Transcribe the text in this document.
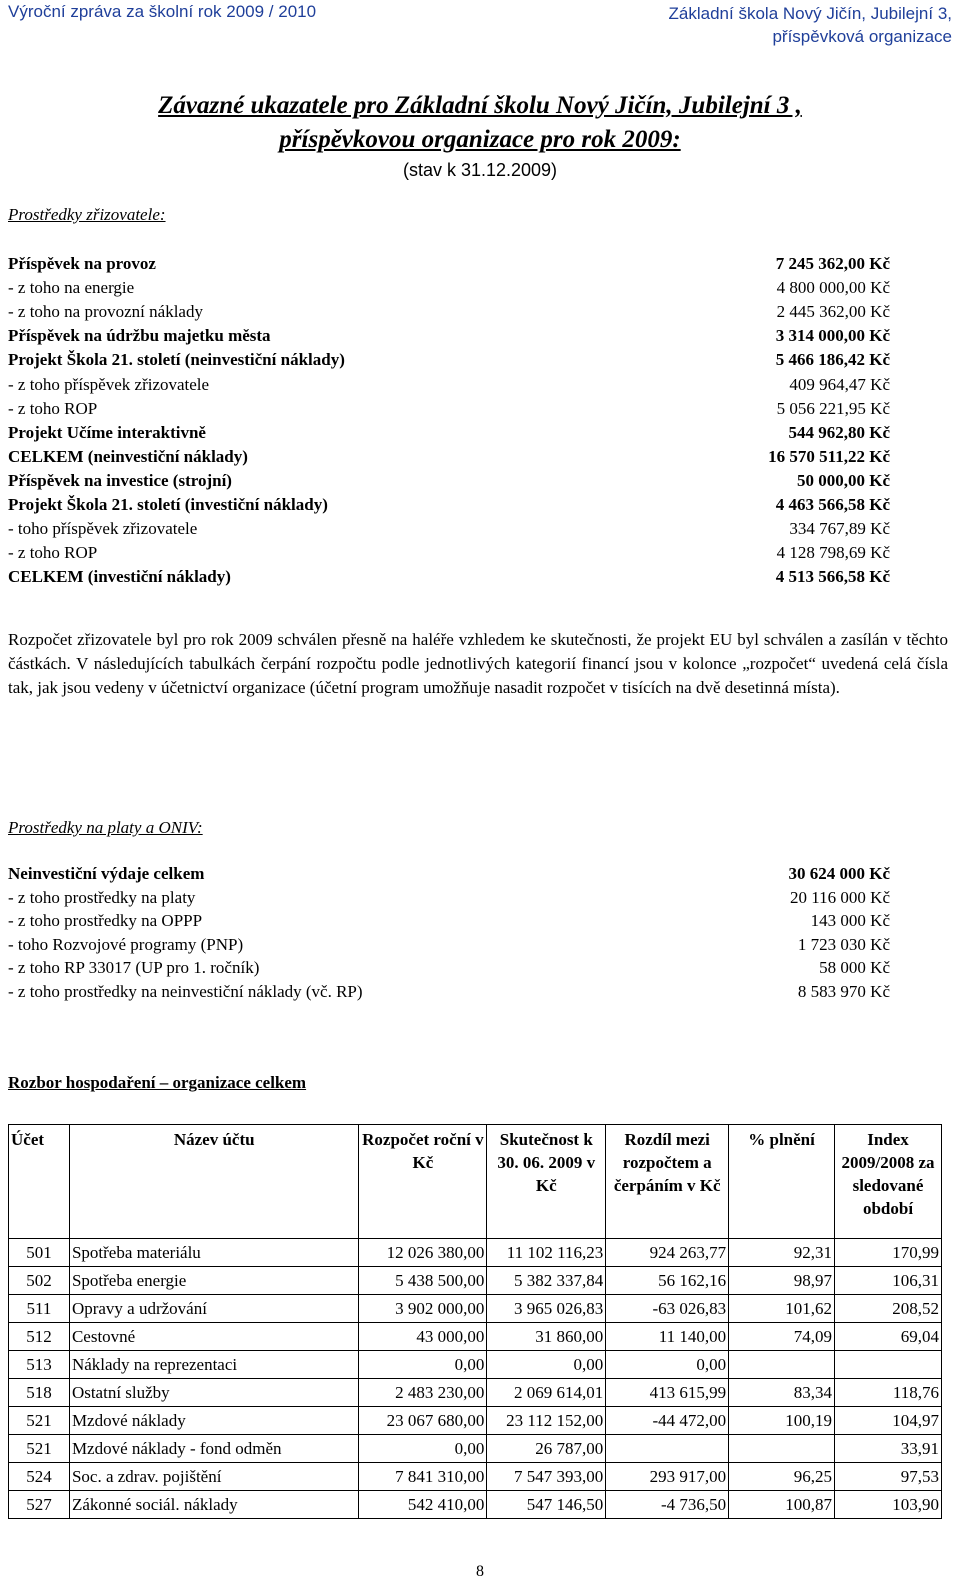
Výroční zpráva za školní rok 2009 / 2010	Základní škola Nový Jičín, Jubilejní 3,
příspěvková organizace
Závazné ukazatele pro Základní školu Nový Jičín, Jubilejní 3 ,
příspěvkovou organizace pro rok 2009:
(stav k 31.12.2009)
Prostředky zřizovatele:
Příspěvek na provoz	7 245 362,00 Kč
- z toho na energie	4 800 000,00 Kč
- z toho na provozní náklady	2 445 362,00 Kč
Příspěvek na údržbu majetku města	3 314 000,00 Kč
Projekt Škola 21. století (neinvestiční náklady)	5 466 186,42 Kč
- z toho příspěvek zřizovatele	409 964,47 Kč
- z toho ROP	5 056 221,95 Kč
Projekt Učíme interaktivně	544 962,80 Kč
CELKEM (neinvestiční náklady)	16 570 511,22 Kč
Příspěvek na investice (strojní)	50 000,00 Kč
Projekt Škola 21. století (investiční náklady)	4 463 566,58 Kč
- toho příspěvek zřizovatele	334 767,89 Kč
- z toho ROP	4 128 798,69 Kč
CELKEM (investiční náklady)	4 513 566,58 Kč
Rozpočet zřizovatele byl pro rok 2009 schválen přesně na haléře vzhledem ke skutečnosti, že projekt EU byl schválen a zasílán v těchto částkách. V následujících tabulkách čerpání rozpočtu podle jednotlivých kategorií financí jsou v kolonce „rozpočet“ uvedená celá čísla tak, jak jsou vedeny v účetnictví organizace (účetní program umožňuje nasadit rozpočet v tisících na dvě desetinná místa).
Prostředky na platy a ONIV:
Neinvestiční výdaje celkem	30 624 000 Kč
- z toho prostředky na platy	20 116 000 Kč
- z toho prostředky na OPPP	143 000 Kč
- toho Rozvojové programy (PNP)	1 723 030 Kč
- z toho RP 33017 (UP pro 1. ročník)	58 000 Kč
- z toho prostředky na neinvestiční náklady (vč. RP)	8 583 970 Kč
Rozbor hospodaření – organizace celkem
Účet	Název účtu	Rozpočet roční v Kč	Skutečnost k 30. 06. 2009 v Kč	Rozdíl mezi rozpočtem a čerpáním v Kč	% plnění	Index 2009/2008 za sledované období
501	Spotřeba materiálu	12 026 380,00	11 102 116,23	924 263,77	92,31	170,99
502	Spotřeba energie	5 438 500,00	5 382 337,84	56 162,16	98,97	106,31
511	Opravy a udržování	3 902 000,00	3 965 026,83	-63 026,83	101,62	208,52
512	Cestovné	43 000,00	31 860,00	11 140,00	74,09	69,04
513	Náklady na reprezentaci	0,00	0,00	0,00		
518	Ostatní služby	2 483 230,00	2 069 614,01	413 615,99	83,34	118,76
521	Mzdové náklady	23 067 680,00	23 112 152,00	-44 472,00	100,19	104,97
521	Mzdové náklady - fond odměn	0,00	26 787,00			33,91
524	Soc. a zdrav. pojištění	7 841 310,00	7 547 393,00	293 917,00	96,25	97,53
527	Zákonné sociál. náklady	542 410,00	547 146,50	-4 736,50	100,87	103,90
8
